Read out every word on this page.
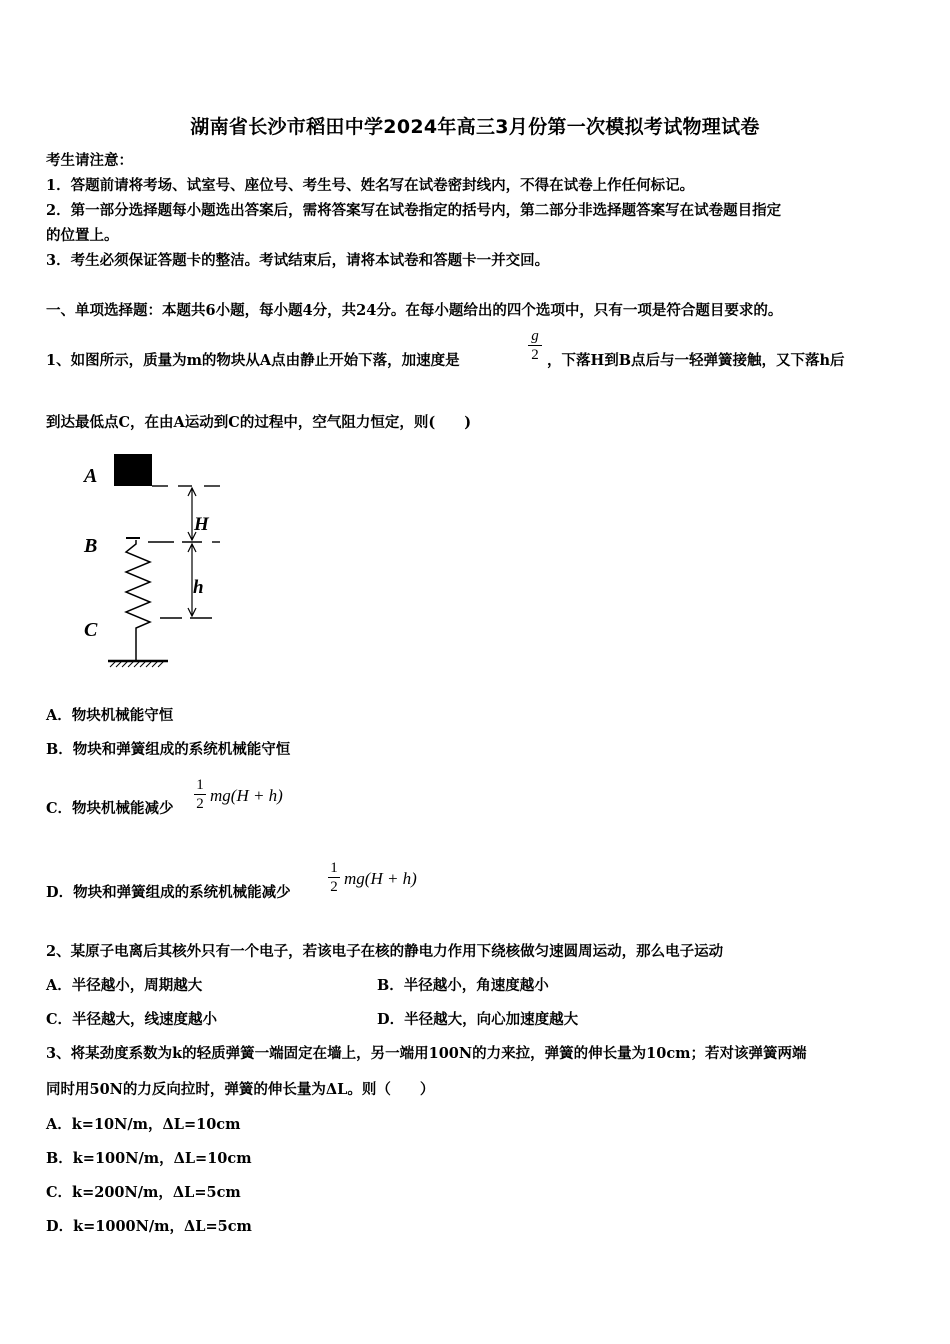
湖南省长沙市稻田中学2024年高三3月份第一次模拟考试物理试卷
考生请注意：
1．答题前请将考场、试室号、座位号、考生号、姓名写在试卷密封线内，不得在试卷上作任何标记。
2．第一部分选择题每小题选出答案后，需将答案写在试卷指定的括号内，第二部分非选择题答案写在试卷题目指定
的位置上。
3．考生必须保证答题卡的整洁。考试结束后，请将本试卷和答题卡一并交回。
一、单项选择题：本题共6小题，每小题4分，共24分。在每小题给出的四个选项中，只有一项是符合题目要求的。
1、如图所示，质量为m的物块从A点由静止开始下落，加速度是
g
2 ，下落H到B点后与一轻弹簧接触，又下落h后
到达最低点C，在由A运动到C的过程中，空气阻力恒定，则(　　)
A
B
C
H
h
A．物块机械能守恒
B．物块和弹簧组成的系统机械能守恒
C．物块机械能减少
1
2 mg(H + h)
D．物块和弹簧组成的系统机械能减少
1
2 mg(H + h)
2、某原子电离后其核外只有一个电子，若该电子在核的静电力作用下绕核做匀速圆周运动，那么电子运动
A．半径越小，周期越大	B．半径越小，角速度越小
C．半径越大，线速度越小	D．半径越大，向心加速度越大
3、将某劲度系数为k的轻质弹簧一端固定在墙上，另一端用100N的力来拉，弹簧的伸长量为10cm；若对该弹簧两端
同时用50N的力反向拉时，弹簧的伸长量为ΔL。则（　　）
A．k=10N/m，ΔL=10cm
B．k=100N/m，ΔL=10cm
C．k=200N/m，ΔL=5cm
D．k=1000N/m，ΔL=5cm
